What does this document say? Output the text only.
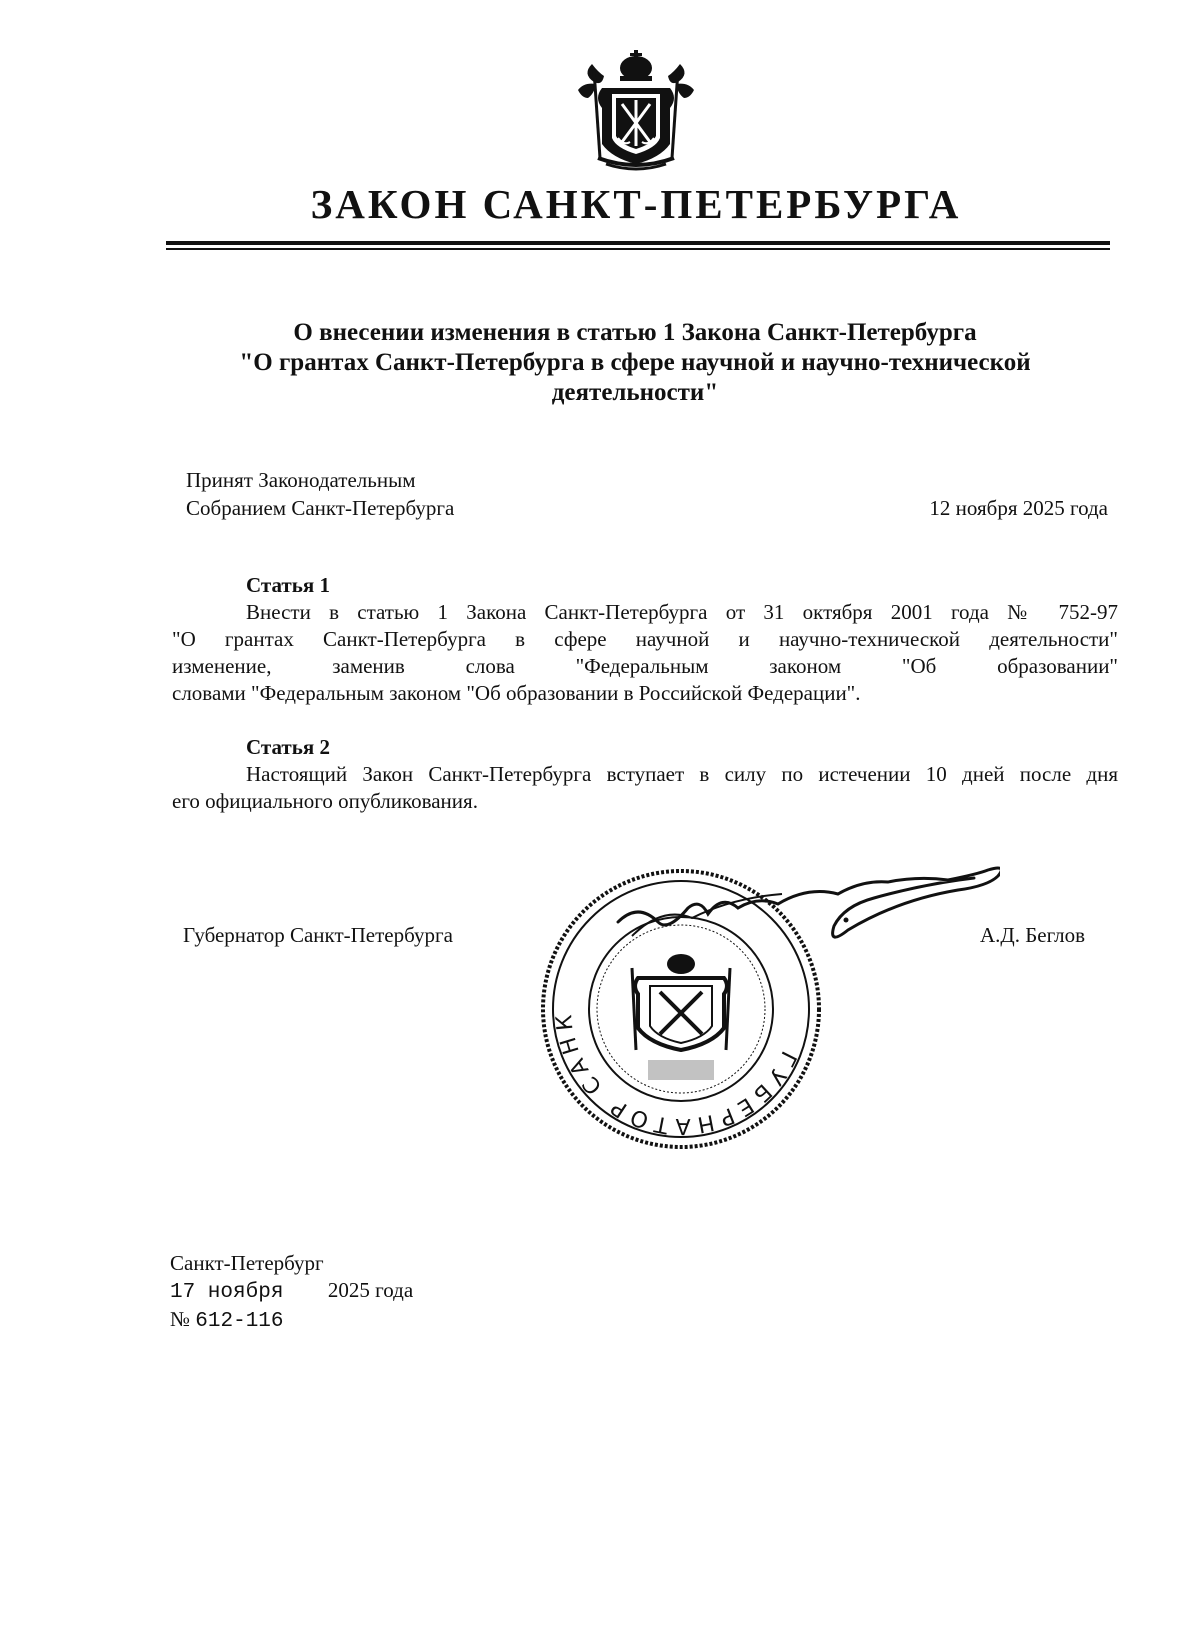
ЗАКОН САНКТ-ПЕТЕРБУРГА
О внесении изменения в статью 1 Закона Санкт-Петербурга
"О грантах Санкт-Петербурга в сфере научной и научно-технической
деятельности"
Принят Законодательным
Собранием Санкт-Петербурга	12 ноября 2025 года
Статья 1
Внести в статью 1 Закона Санкт-Петербурга от 31 октября 2001 года № 752-97
"О грантах Санкт-Петербурга в сфере научной и научно-технической деятельности"
изменение, заменив слова "Федеральным законом "Об образовании"
словами "Федеральным законом "Об образовании в Российской Федерации".
Статья 2
Настоящий Закон Санкт-Петербурга вступает в силу по истечении 10 дней после дня
его официального опубликования.
ГУБЕРНАТОР САНК
Губернатор Санкт-Петербурга	А.Д. Беглов
Санкт-Петербург
17 ноября 2025 года
№ 612-116
